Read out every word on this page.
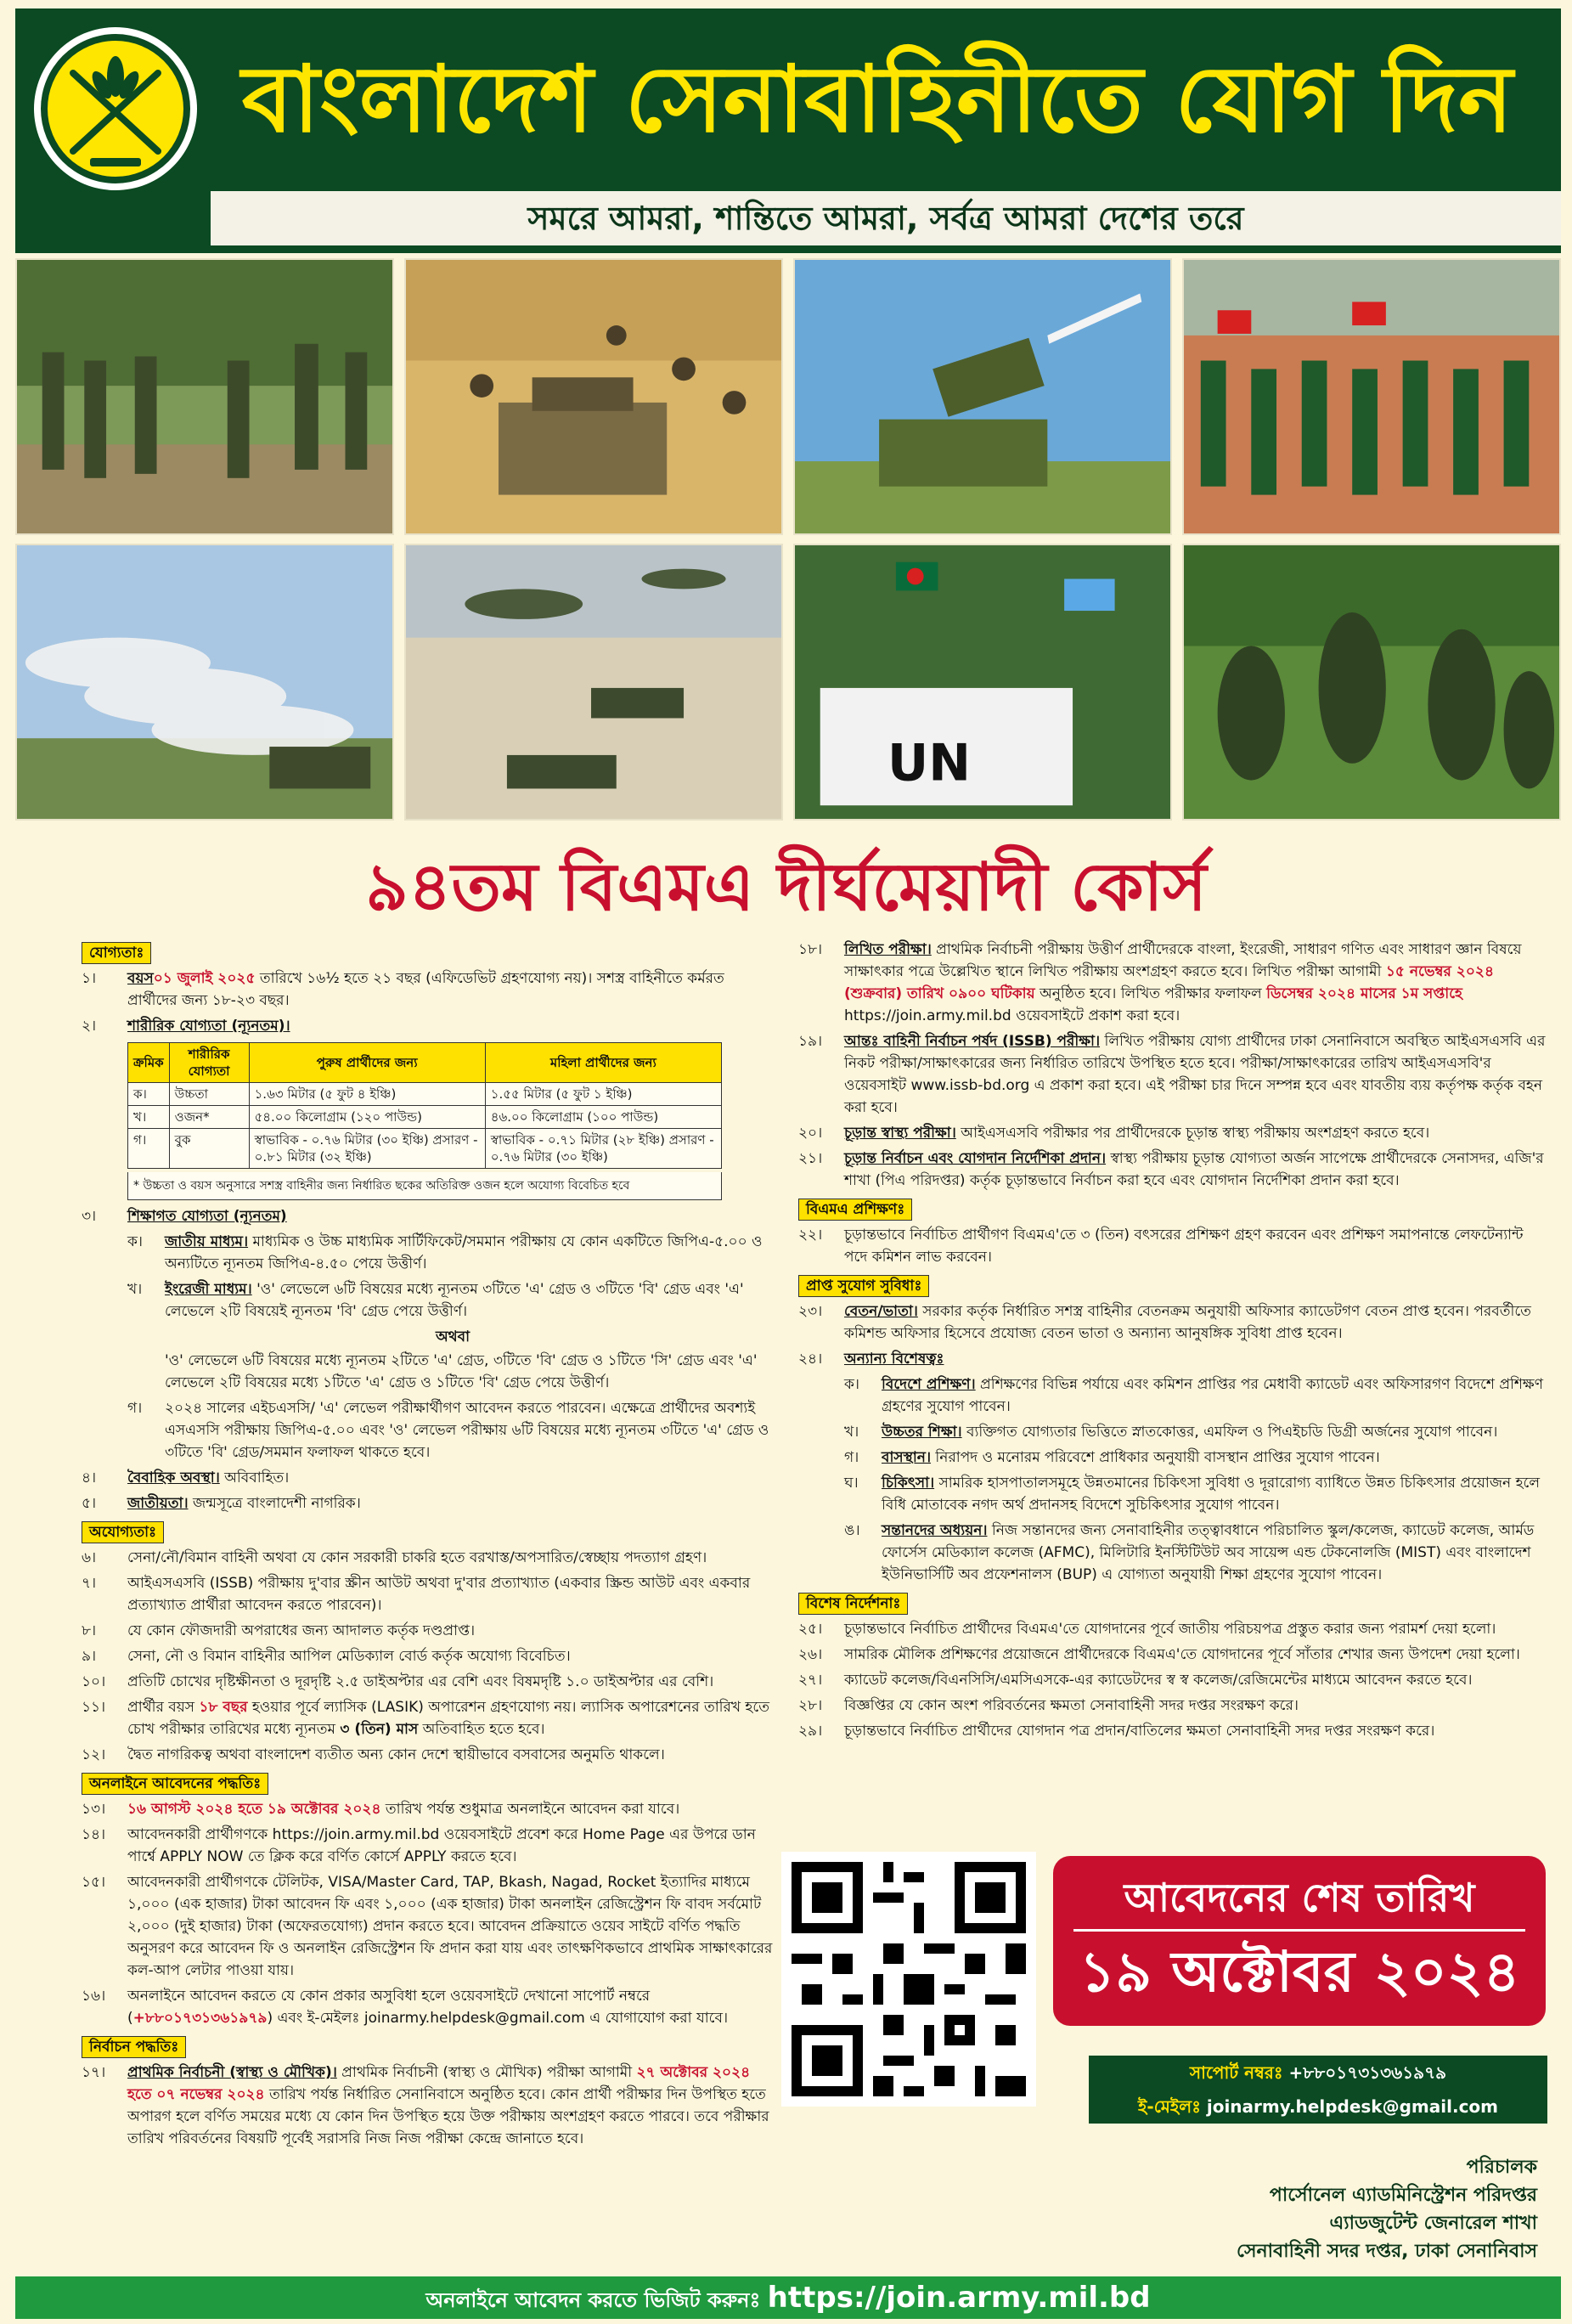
বাংলাদেশ সেনাবাহিনীতে যোগ দিন
সমরে আমরা, শান্তিতে আমরা, সর্বত্র আমরা দেশের তরে
UN
৯৪তম বিএমএ দীর্ঘমেয়াদী কোর্স
যোগ্যতাঃ
১।	বয়স০১ জুলাই ২০২৫ তারিখে ১৬½ হতে ২১ বছর (এফিডেভিট গ্রহণযোগ্য নয়)। সশস্ত্র বাহিনীতে কর্মরত প্রার্থীদের জন্য ১৮-২৩ বছর।
২।	শারীরিক যোগ্যতা (ন্যূনতম)।
ক্রমিক	শারীরিক যোগ্যতা	পুরুষ প্রার্থীদের জন্য	মহিলা প্রার্থীদের জন্য
ক।	উচ্চতা	১.৬৩ মিটার (৫ ফুট ৪ ইঞ্চি)	১.৫৫ মিটার (৫ ফুট ১ ইঞ্চি)
খ।	ওজন*	৫৪.০০ কিলোগ্রাম (১২০ পাউন্ড)	৪৬.০০ কিলোগ্রাম (১০০ পাউন্ড)
গ।	বুক	স্বাভাবিক - ০.৭৬ মিটার (৩০ ইঞ্চি) প্রসারণ - ০.৮১ মিটার (৩২ ইঞ্চি)	স্বাভাবিক - ০.৭১ মিটার (২৮ ইঞ্চি) প্রসারণ - ০.৭৬ মিটার (৩০ ইঞ্চি)
* উচ্চতা ও বয়স অনুসারে সশস্ত্র বাহিনীর জন্য নির্ধারিত ছকের অতিরিক্ত ওজন হলে অযোগ্য বিবেচিত হবে
৩।	শিক্ষাগত যোগ্যতা (ন্যূনতম)
ক।	জাতীয় মাধ্যম। মাধ্যমিক ও উচ্চ মাধ্যমিক সার্টিফিকেট/সমমান পরীক্ষায় যে কোন একটিতে জিপিএ-৫.০০ ও অন্যটিতে ন্যূনতম জিপিএ-৪.৫০ পেয়ে উত্তীর্ণ।
খ।	ইংরেজী মাধ্যম। 'ও' লেভেলে ৬টি বিষয়ের মধ্যে ন্যূনতম ৩টিতে 'এ' গ্রেড ও ৩টিতে 'বি' গ্রেড এবং 'এ' লেভেলে ২টি বিষয়েই ন্যূনতম 'বি' গ্রেড পেয়ে উত্তীর্ণ।
অথবা
'ও' লেভেলে ৬টি বিষয়ের মধ্যে ন্যূনতম ২টিতে 'এ' গ্রেড, ৩টিতে 'বি' গ্রেড ও ১টিতে 'সি' গ্রেড এবং 'এ' লেভেলে ২টি বিষয়ের মধ্যে ১টিতে 'এ' গ্রেড ও ১টিতে 'বি' গ্রেড পেয়ে উত্তীর্ণ।
গ।	২০২৪ সালের এইচএসসি/ 'এ' লেভেল পরীক্ষার্থীগণ আবেদন করতে পারবেন। এক্ষেত্রে প্রার্থীদের অবশ্যই এসএসসি পরীক্ষায় জিপিএ-৫.০০ এবং 'ও' লেভেল পরীক্ষায় ৬টি বিষয়ের মধ্যে ন্যূনতম ৩টিতে 'এ' গ্রেড ও ৩টিতে 'বি' গ্রেড/সমমান ফলাফল থাকতে হবে।
৪।	বৈবাহিক অবস্থা। অবিবাহিত।
৫।	জাতীয়তা। জন্মসূত্রে বাংলাদেশী নাগরিক।
অযোগ্যতাঃ
৬।	সেনা/নৌ/বিমান বাহিনী অথবা যে কোন সরকারী চাকরি হতে বরখাস্ত/অপসারিত/স্বেচ্ছায় পদত্যাগ গ্রহণ।
৭।	আইএসএসবি (ISSB) পরীক্ষায় দু'বার স্ক্রীন আউট অথবা দু'বার প্রত্যাখ্যাত (একবার স্ক্রিন্ড আউট এবং একবার প্রত্যাখ্যাত প্রার্থীরা আবেদন করতে পারবেন)।
৮।	যে কোন ফৌজদারী অপরাধের জন্য আদালত কর্তৃক দণ্ডপ্রাপ্ত।
৯।	সেনা, নৌ ও বিমান বাহিনীর আপিল মেডিক্যাল বোর্ড কর্তৃক অযোগ্য বিবেচিত।
১০।	প্রতিটি চোখের দৃষ্টিক্ষীনতা ও দূরদৃষ্টি ২.৫ ডাইঅপ্টার এর বেশি এবং বিষমদৃষ্টি ১.০ ডাইঅপ্টার এর বেশি।
১১।	প্রার্থীর বয়স ১৮ বছর হওয়ার পূর্বে ল্যাসিক (LASIK) অপারেশন গ্রহণযোগ্য নয়। ল্যাসিক অপারেশনের তারিখ হতে চোখ পরীক্ষার তারিখের মধ্যে ন্যূনতম ৩ (তিন) মাস অতিবাহিত হতে হবে।
১২।	দ্বৈত নাগরিকত্ব অথবা বাংলাদেশ ব্যতীত অন্য কোন দেশে স্থায়ীভাবে বসবাসের অনুমতি থাকলে।
অনলাইনে আবেদনের পদ্ধতিঃ
১৩।	১৬ আগস্ট ২০২৪ হতে ১৯ অক্টোবর ২০২৪ তারিখ পর্যন্ত শুধুমাত্র অনলাইনে আবেদন করা যাবে।
১৪।	আবেদনকারী প্রার্থীগণকে https://join.army.mil.bd ওয়েবসাইটে প্রবেশ করে Home Page এর উপরে ডান পার্শ্বে APPLY NOW তে ক্লিক করে বর্ণিত কোর্সে APPLY করতে হবে।
১৫।	আবেদনকারী প্রার্থীগণকে টেলিটক, VISA/Master Card, TAP, Bkash, Nagad, Rocket ইত্যাদির মাধ্যমে ১,০০০ (এক হাজার) টাকা আবেদন ফি এবং ১,০০০ (এক হাজার) টাকা অনলাইন রেজিস্ট্রেশন ফি বাবদ সর্বমোট ২,০০০ (দুই হাজার) টাকা (অফেরতযোগ্য) প্রদান করতে হবে। আবেদন প্রক্রিয়াতে ওয়েব সাইটে বর্ণিত পদ্ধতি অনুসরণ করে আবেদন ফি ও অনলাইন রেজিস্ট্রেশন ফি প্রদান করা যায় এবং তাৎক্ষণিকভাবে প্রাথমিক সাক্ষাৎকারের কল-আপ লেটার পাওয়া যায়।
১৬।	অনলাইনে আবেদন করতে যে কোন প্রকার অসুবিধা হলে ওয়েবসাইটে দেখানো সাপোর্ট নম্বরে (+৮৮০১৭৩১৩৬১৯৭৯) এবং ই-মেইলঃ joinarmy.helpdesk@gmail.com এ যোগাযোগ করা যাবে।
নির্বাচন পদ্ধতিঃ
১৭।	প্রাথমিক নির্বাচনী (স্বাস্থ্য ও মৌখিক)। প্রাথমিক নির্বাচনী (স্বাস্থ্য ও মৌখিক) পরীক্ষা আগামী ২৭ অক্টোবর ২০২৪ হতে ০৭ নভেম্বর ২০২৪ তারিখ পর্যন্ত নির্ধারিত সেনানিবাসে অনুষ্ঠিত হবে। কোন প্রার্থী পরীক্ষার দিন উপস্থিত হতে অপারগ হলে বর্ণিত সময়ের মধ্যে যে কোন দিন উপস্থিত হয়ে উক্ত পরীক্ষায় অংশগ্রহণ করতে পারবে। তবে পরীক্ষার তারিখ পরিবর্তনের বিষয়টি পূর্বেই সরাসরি নিজ নিজ পরীক্ষা কেন্দ্রে জানাতে হবে।
১৮।	লিখিত পরীক্ষা। প্রাথমিক নির্বাচনী পরীক্ষায় উত্তীর্ণ প্রার্থীদেরকে বাংলা, ইংরেজী, সাধারণ গণিত এবং সাধারণ জ্ঞান বিষয়ে সাক্ষাৎকার পত্রে উল্লেখিত স্থানে লিখিত পরীক্ষায় অংশগ্রহণ করতে হবে। লিখিত পরীক্ষা আগামী ১৫ নভেম্বর ২০২৪ (শুক্রবার) তারিখ ০৯০০ ঘটিকায় অনুষ্ঠিত হবে। লিখিত পরীক্ষার ফলাফল ডিসেম্বর ২০২৪ মাসের ১ম সপ্তাহে https://join.army.mil.bd ওয়েবসাইটে প্রকাশ করা হবে।
১৯।	আন্তঃ বাহিনী নির্বাচন পর্ষদ (ISSB) পরীক্ষা। লিখিত পরীক্ষায় যোগ্য প্রার্থীদের ঢাকা সেনানিবাসে অবস্থিত আইএসএসবি এর নিকট পরীক্ষা/সাক্ষাৎকারের জন্য নির্ধারিত তারিখে উপস্থিত হতে হবে। পরীক্ষা/সাক্ষাৎকারের তারিখ আইএসএসবি'র ওয়েবসাইট www.issb-bd.org এ প্রকাশ করা হবে। এই পরীক্ষা চার দিনে সম্পন্ন হবে এবং যাবতীয় ব্যয় কর্তৃপক্ষ কর্তৃক বহন করা হবে।
২০।	চূড়ান্ত স্বাস্থ্য পরীক্ষা। আইএসএসবি পরীক্ষার পর প্রার্থীদেরকে চূড়ান্ত স্বাস্থ্য পরীক্ষায় অংশগ্রহণ করতে হবে।
২১।	চূড়ান্ত নির্বাচন এবং যোগদান নির্দেশিকা প্রদান। স্বাস্থ্য পরীক্ষায় চূড়ান্ত যোগ্যতা অর্জন সাপেক্ষে প্রার্থীদেরকে সেনাসদর, এজি'র শাখা (পিএ পরিদপ্তর) কর্তৃক চূড়ান্তভাবে নির্বাচন করা হবে এবং যোগদান নির্দেশিকা প্রদান করা হবে।
বিএমএ প্রশিক্ষণঃ
২২।	চূড়ান্তভাবে নির্বাচিত প্রার্থীগণ বিএমএ'তে ৩ (তিন) বৎসরের প্রশিক্ষণ গ্রহণ করবেন এবং প্রশিক্ষণ সমাপনান্তে লেফটেন্যান্ট পদে কমিশন লাভ করবেন।
প্রাপ্ত সুযোগ সুবিধাঃ
২৩।	বেতন/ভাতা। সরকার কর্তৃক নির্ধারিত সশস্ত্র বাহিনীর বেতনক্রম অনুযায়ী অফিসার ক্যাডেটগণ বেতন প্রাপ্ত হবেন। পরবর্তীতে কমিশন্ড অফিসার হিসেবে প্রযোজ্য বেতন ভাতা ও অন্যান্য আনুষঙ্গিক সুবিধা প্রাপ্ত হবেন।
২৪।	অন্যান্য বিশেষত্বঃ
ক।	বিদেশে প্রশিক্ষণ। প্রশিক্ষণের বিভিন্ন পর্যায়ে এবং কমিশন প্রাপ্তির পর মেধাবী ক্যাডেট এবং অফিসারগণ বিদেশে প্রশিক্ষণ গ্রহণের সুযোগ পাবেন।
খ।	উচ্চতর শিক্ষা। ব্যক্তিগত যোগ্যতার ভিত্তিতে স্নাতকোত্তর, এমফিল ও পিএইচডি ডিগ্রী অর্জনের সুযোগ পাবেন।
গ।	বাসস্থান। নিরাপদ ও মনোরম পরিবেশে প্রাধিকার অনুযায়ী বাসস্থান প্রাপ্তির সুযোগ পাবেন।
ঘ।	চিকিৎসা। সামরিক হাসপাতালসমূহে উন্নতমানের চিকিৎসা সুবিধা ও দূরারোগ্য ব্যাধিতে উন্নত চিকিৎসার প্রয়োজন হলে বিধি মোতাবেক নগদ অর্থ প্রদানসহ বিদেশে সুচিকিৎসার সুযোগ পাবেন।
ঙ।	সন্তানদের অধ্যয়ন। নিজ সন্তানদের জন্য সেনাবাহিনীর তত্ত্বাবধানে পরিচালিত স্কুল/কলেজ, ক্যাডেট কলেজ, আর্মড ফোর্সেস মেডিক্যাল কলেজ (AFMC), মিলিটারি ইনস্টিটিউট অব সায়েন্স এন্ড টেকনোলজি (MIST) এবং বাংলাদেশ ইউনিভার্সিটি অব প্রফেশনালস (BUP) এ যোগ্যতা অনুযায়ী শিক্ষা গ্রহণের সুযোগ পাবেন।
বিশেষ নির্দেশনাঃ
২৫।	চূড়ান্তভাবে নির্বাচিত প্রার্থীদের বিএমএ'তে যোগদানের পূর্বে জাতীয় পরিচয়পত্র প্রস্তুত করার জন্য পরামর্শ দেয়া হলো।
২৬।	সামরিক মৌলিক প্রশিক্ষণের প্রয়োজনে প্রার্থীদেরকে বিএমএ'তে যোগদানের পূর্বে সাঁতার শেখার জন্য উপদেশ দেয়া হলো।
২৭।	ক্যাডেট কলেজ/বিএনসিসি/এমসিএসকে-এর ক্যাডেটদের স্ব স্ব কলেজ/রেজিমেন্টের মাধ্যমে আবেদন করতে হবে।
২৮।	বিজ্ঞপ্তির যে কোন অংশ পরিবর্তনের ক্ষমতা সেনাবাহিনী সদর দপ্তর সংরক্ষণ করে।
২৯।	চূড়ান্তভাবে নির্বাচিত প্রার্থীদের যোগদান পত্র প্রদান/বাতিলের ক্ষমতা সেনাবাহিনী সদর দপ্তর সংরক্ষণ করে।
আবেদনের শেষ তারিখ
১৯ অক্টোবর ২০২৪
সাপোর্ট নম্বরঃ +৮৮০১৭৩১৩৬১৯৭৯
ই-মেইলঃ joinarmy.helpdesk@gmail.com
পরিচালক
পার্সোনেল এ্যাডমিনিস্ট্রেশন পরিদপ্তর
এ্যাডজুটেন্ট জেনারেল শাখা
সেনাবাহিনী সদর দপ্তর, ঢাকা সেনানিবাস
অনলাইনে আবেদন করতে ভিজিট করুনঃ https://join.army.mil.bd
